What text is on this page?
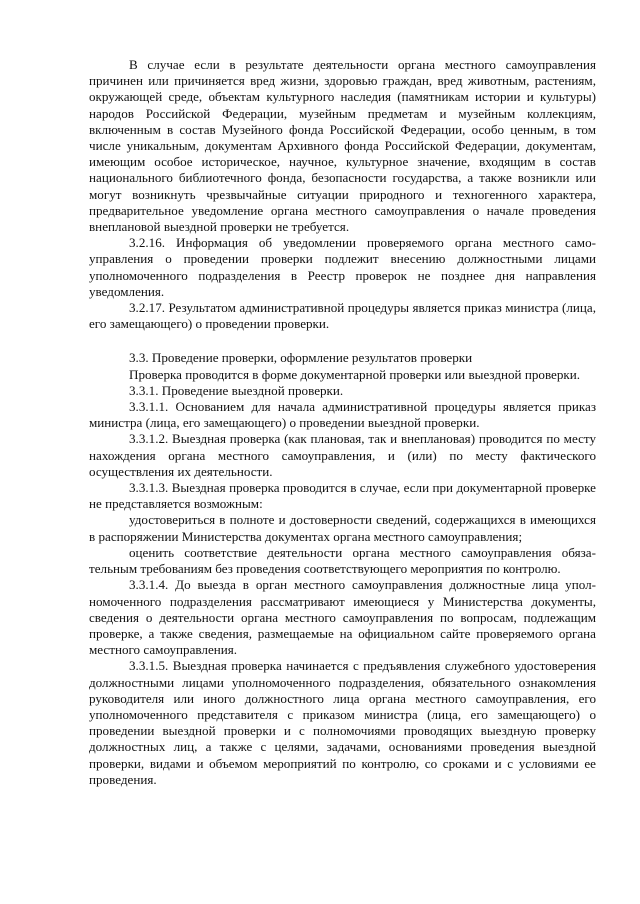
В случае если в результате деятельности органа местного самоуправления причинен или причиняется вред жизни, здоровью граждан, вред животным, растениям, окружающей среде, объектам культурного наследия (памятникам истории и культуры) народов Российской Федерации, музейным предметам и музейным коллекциям, включенным в состав Музейного фонда Российской Федерации, особо ценным, в том числе уникальным, документам Архивного фонда Российской Федерации, документам, имеющим особое историческое, научное, культурное значение, входящим в состав национального библиотечного фонда, безопасности государства, а также возникли или могут возникнуть чрезвычайные ситуации природного и техногенного характера, предварительное уведомление органа местного самоуправления о начале проведения внеплановой выездной проверки не требуется.

3.2.16. Информация об уведомлении проверяемого органа местного самоуправления о проведении проверки подлежит внесению должностными лицами уполномоченного подразделения в Реестр проверок не позднее дня направления уведомления.

3.2.17. Результатом административной процедуры является приказ министра (лица, его замещающего) о проведении проверки.

3.3. Проведение проверки, оформление результатов проверки

Проверка проводится в форме документарной проверки или выездной проверки.

3.3.1. Проведение выездной проверки.

3.3.1.1. Основанием для начала административной процедуры является приказ министра (лица, его замещающего) о проведении выездной проверки.

3.3.1.2. Выездная проверка (как плановая, так и внеплановая) проводится по месту нахождения органа местного самоуправления, и (или) по месту фактического осуществления их деятельности.

3.3.1.3. Выездная проверка проводится в случае, если при документарной проверке не представляется возможным:

удостовериться в полноте и достоверности сведений, содержащихся в имеющихся в распоряжении Министерства документах органа местного самоуправления;

оценить соответствие деятельности органа местного самоуправления обязательным требованиям без проведения соответствующего мероприятия по контролю.

3.3.1.4. До выезда в орган местного самоуправления должностные лица уполномоченного подразделения рассматривают имеющиеся у Министерства документы, сведения о деятельности органа местного самоуправления по вопросам, подлежащим проверке, а также сведения, размещаемые на официальном сайте проверяемого органа местного самоуправления.

3.3.1.5. Выездная проверка начинается с предъявления служебного удостоверения должностными лицами уполномоченного подразделения, обязательного ознакомления руководителя или иного должностного лица органа местного самоуправления, его уполномоченного представителя с приказом министра (лица, его замещающего) о проведении выездной проверки и с полномочиями проводящих выездную проверку должностных лиц, а также с целями, задачами, основаниями проведения выездной проверки, видами и объемом мероприятий по контролю, со сроками и с условиями ее проведения.
